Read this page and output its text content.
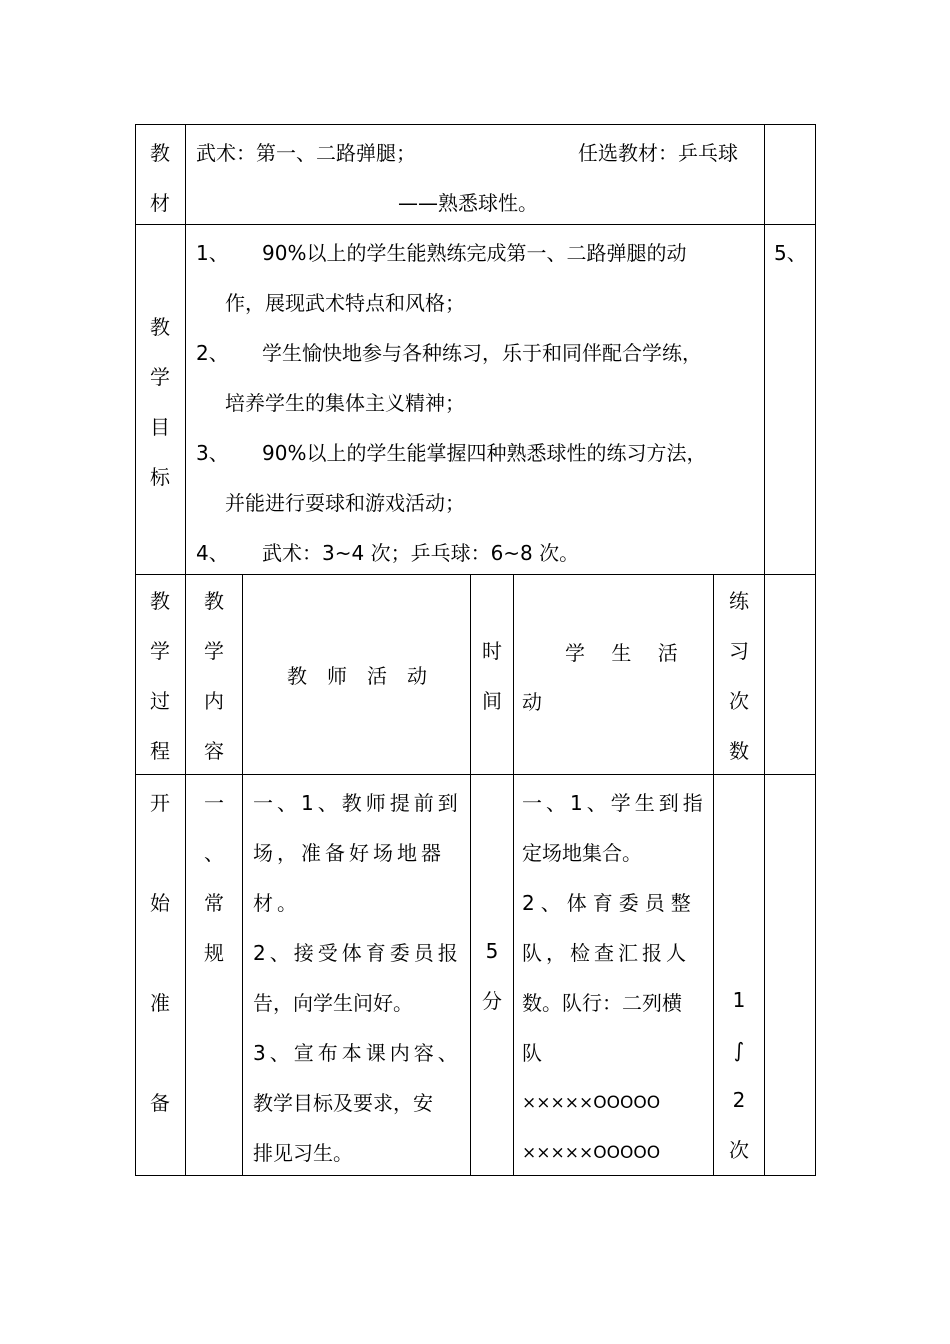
教
材
武术：第一、二路弹腿；	任选教材：乒乓球
——熟悉球性。
教
学
目
标
1、 90%以上的学生能熟练完成第一、二路弹腿的动
作，展现武术特点和风格；
2、 学生愉快地参与各种练习，乐于和同伴配合学练，
培养学生的集体主义精神；
3、 90%以上的学生能掌握四种熟悉球性的练习方法，
并能进行耍球和游戏活动；
4、 武术：3~4 次；乒乓球：6~8 次。
5、
教
学
过
程
教
学
内
容
教　师　活　动
时
间
学　 生　 活
动
练
习
次
数
开
始
准
备
一
、
常
规
一、1、教师提前到
场，准备好场地器
材。
2、接受体育委员报
告，向学生问好。
3、宣布本课内容、
教学目标及要求，安
排见习生。
5
分
一、1、学生到指
定场地集合。
2、体育委员整
队，检查汇报人
数。队行：二列横
队
×××××OOOOO
×××××OOOOO
1
∫
2
次
